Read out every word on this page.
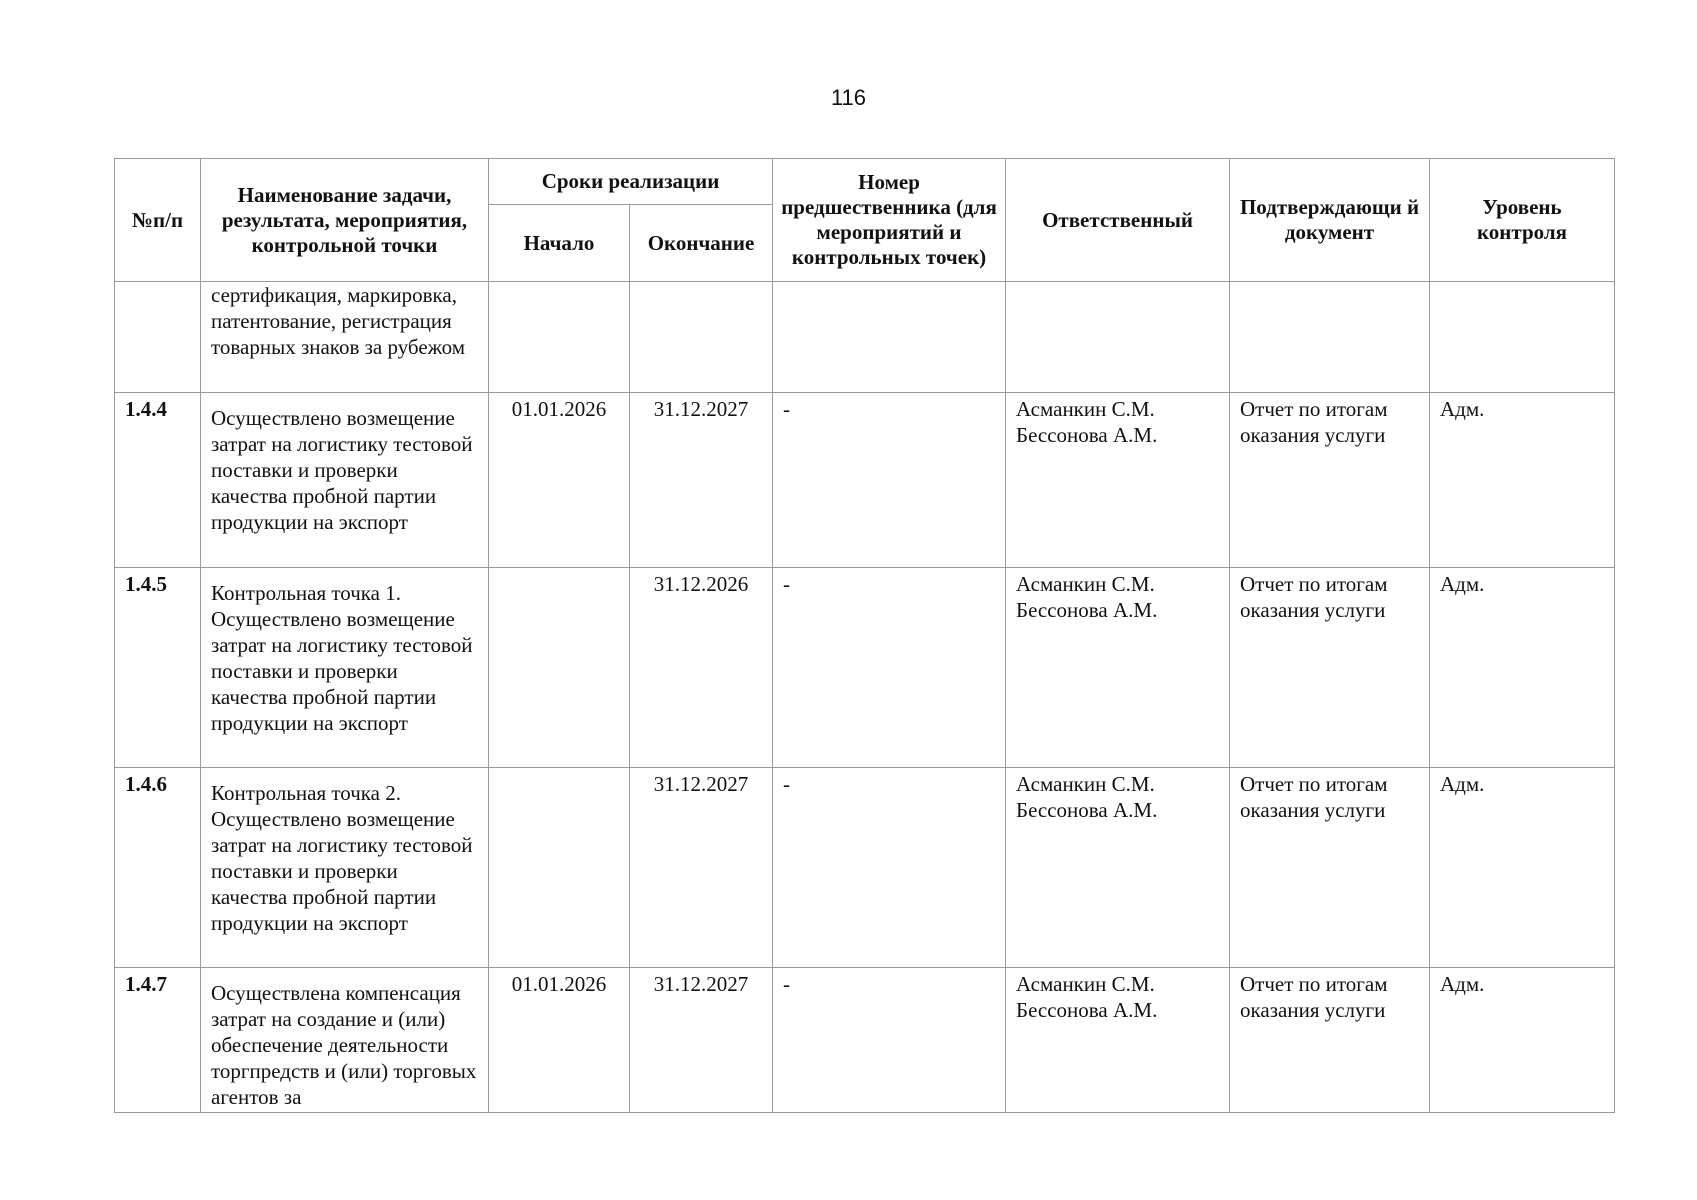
116
№п/п	Наименование задачи, результата, мероприятия, контрольной точки	Сроки реализации		Номер предшественника (для мероприятий и контрольных точек)	Ответственный	Подтверждающи й документ	Уровень контроля
		Начало	Окончание				

	сертификация, маркировка, патентование, регистрация товарных знаков за рубежом						

1.4.4	Осуществлено возмещение затрат на логистику тестовой поставки и проверки качества пробной партии продукции на экспорт	01.01.2026	31.12.2027	-	Асманкин С.М.
Бессонова А.М.	Отчет по итогам оказания услуги	Адм.
1.4.5	Контрольная точка 1. Осуществлено возмещение затрат на логистику тестовой поставки и проверки качества пробной партии продукции на экспорт		31.12.2026	-	Асманкин С.М.
Бессонова А.М.	Отчет по итогам оказания услуги	Адм.
1.4.6	Контрольная точка 2. Осуществлено возмещение затрат на логистику тестовой поставки и проверки качества пробной партии продукции на экспорт		31.12.2027	-	Асманкин С.М.
Бессонова А.М.	Отчет по итогам оказания услуги	Адм.
1.4.7	Осуществлена компенсация затрат на создание и (или) обеспечение деятельности торгпредств и (или) торговых агентов за	01.01.2026	31.12.2027	-	Асманкин С.М.
Бессонова А.М.	Отчет по итогам оказания услуги	Адм.
